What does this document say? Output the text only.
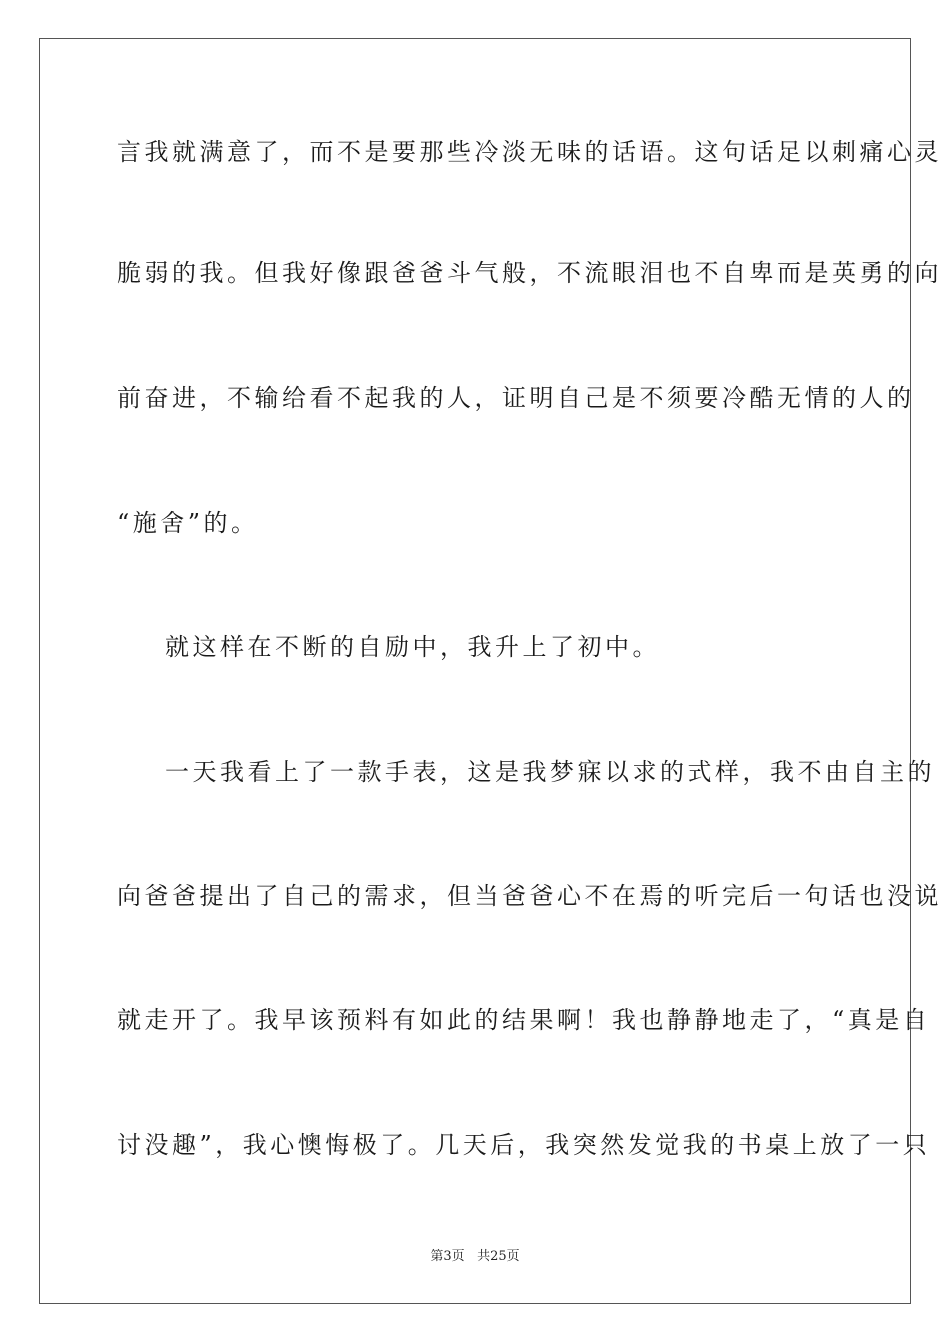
言我就满意了，而不是要那些冷淡无味的话语。这句话足以刺痛心灵
脆弱的我。但我好像跟爸爸斗气般，不流眼泪也不自卑而是英勇的向
前奋进，不输给看不起我的人，证明自己是不须要冷酷无情的人的
“施舍”的。
就这样在不断的自励中，我升上了初中。
一天我看上了一款手表，这是我梦寐以求的式样，我不由自主的
向爸爸提出了自己的需求，但当爸爸心不在焉的听完后一句话也没说
就走开了。我早该预料有如此的结果啊！我也静静地走了，“真是自
讨没趣”，我心懊悔极了。几天后，我突然发觉我的书桌上放了一只
第3页 共25页
